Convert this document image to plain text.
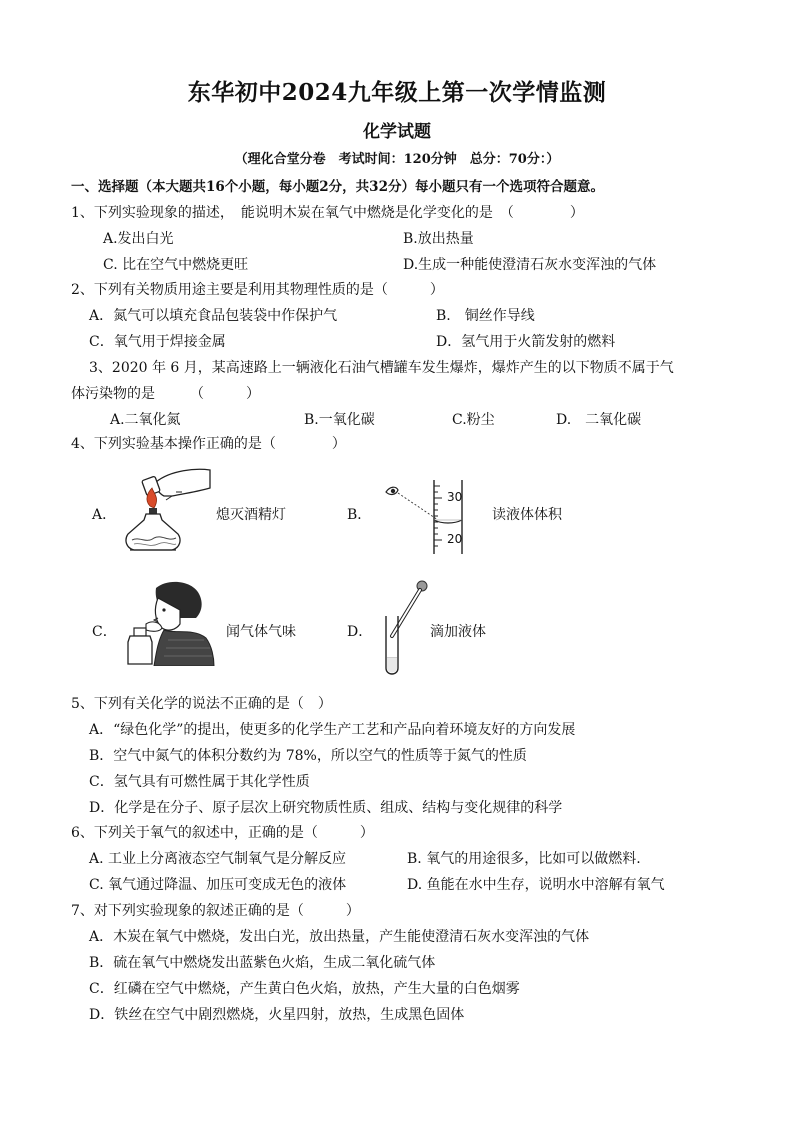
东华初中2024九年级上第一次学情监测
化学试题
（理化合堂分卷　考试时间：120分钟　总分：70分：）
一、选择题（本大题共16个小题，每小题2分，共32分）每小题只有一个选项符合题意。
1、下列实验现象的描述，　能说明木炭在氧气中燃烧是化学变化的是　（　　　　）
A.发出白光	B.放出热量
C. 比在空气中燃烧更旺	D.生成一种能使澄清石灰水变浑浊的气体
2、下列有关物质用途主要是利用其物理性质的是（　　　）
A．氮气可以填充食品包装袋中作保护气	B.　铜丝作导线
C．氧气用于焊接金属	D．氢气用于火箭发射的燃料
3、2020 年 6 月，某高速路上一辆液化石油气槽罐车发生爆炸，爆炸产生的以下物质不属于气
体污染物的是　　　（　　　）
A.二氧化氮	B.一氧化碳	C.粉尘	D.　二氧化碳
4、下列实验基本操作正确的是（　　　　）
A．	熄灭酒精灯	B．
30
20
读液体体积
C．	闻气体气味	D．	滴加液体
5、下列有关化学的说法不正确的是（　）
A．“绿色化学”的提出，使更多的化学生产工艺和产品向着环境友好的方向发展
B．空气中氮气的体积分数约为 78%，所以空气的性质等于氮气的性质
C．氢气具有可燃性属于其化学性质
D．化学是在分子、原子层次上研究物质性质、组成、结构与变化规律的科学
6、下列关于氧气的叙述中，正确的是（　　　）
A. 工业上分离液态空气制氧气是分解反应	B. 氧气的用途很多，比如可以做燃料.
C. 氧气通过降温、加压可变成无色的液体	D. 鱼能在水中生存，说明水中溶解有氧气
7、对下列实验现象的叙述正确的是（　　　）
A．木炭在氧气中燃烧，发出白光，放出热量，产生能使澄清石灰水变浑浊的气体
B．硫在氧气中燃烧发出蓝紫色火焰，生成二氧化硫气体
C．红磷在空气中燃烧，产生黄白色火焰，放热，产生大量的白色烟雾
D．铁丝在空气中剧烈燃烧，火星四射，放热，生成黑色固体
